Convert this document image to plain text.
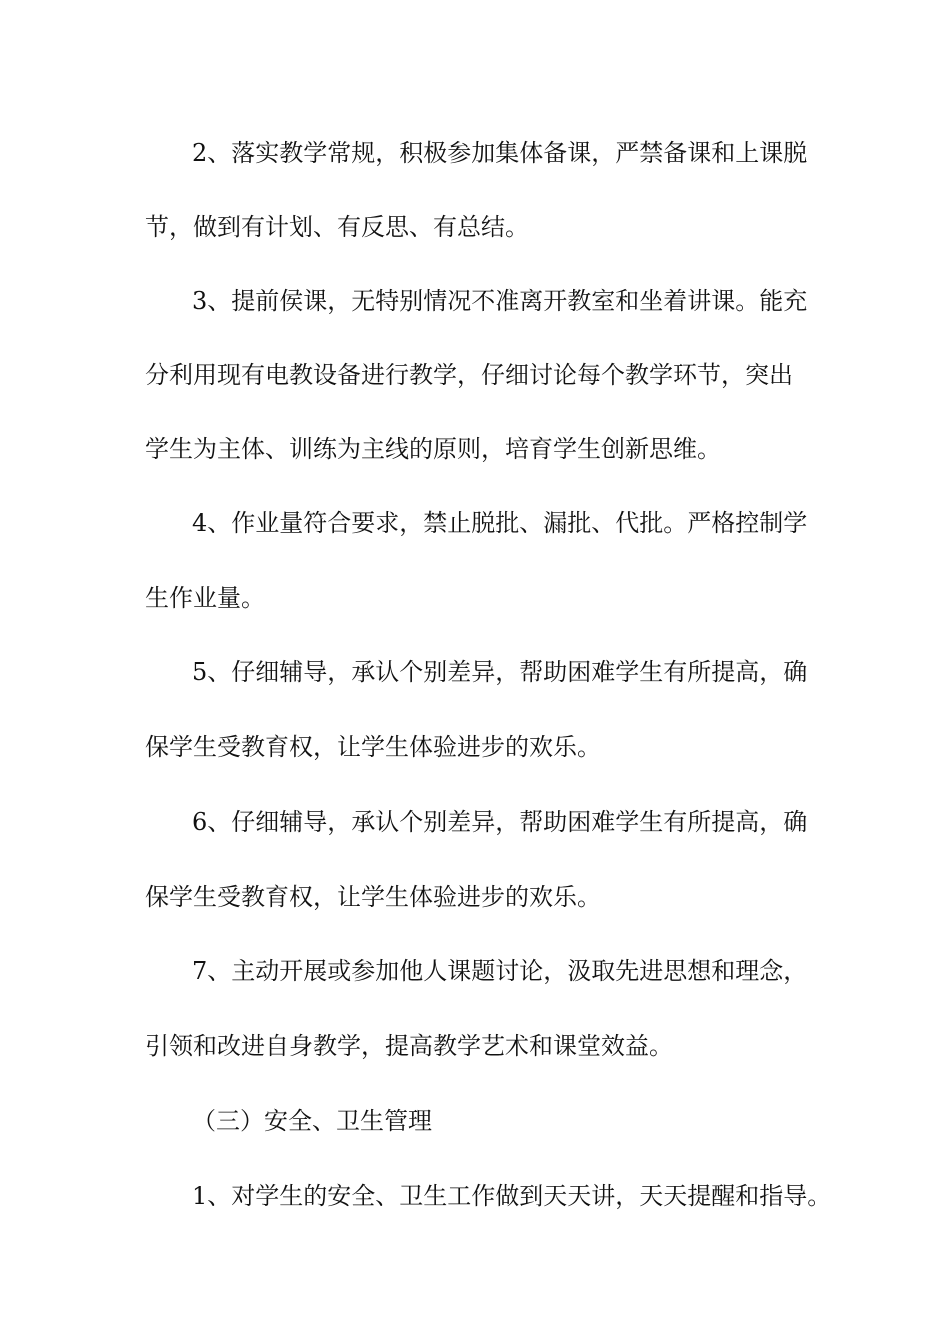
2、落实教学常规，积极参加集体备课，严禁备课和上课脱
节，做到有计划、有反思、有总结。
3、提前侯课，无特别情况不准离开教室和坐着讲课。能充
分利用现有电教设备进行教学，仔细讨论每个教学环节，突出
学生为主体、训练为主线的原则，培育学生创新思维。
4、作业量符合要求，禁止脱批、漏批、代批。严格控制学
生作业量。
5、仔细辅导，承认个别差异，帮助困难学生有所提高，确
保学生受教育权，让学生体验进步的欢乐。
6、仔细辅导，承认个别差异，帮助困难学生有所提高，确
保学生受教育权，让学生体验进步的欢乐。
7、主动开展或参加他人课题讨论，汲取先进思想和理念，
引领和改进自身教学，提高教学艺术和课堂效益。
（三）安全、卫生管理
1、对学生的安全、卫生工作做到天天讲，天天提醒和指导。
